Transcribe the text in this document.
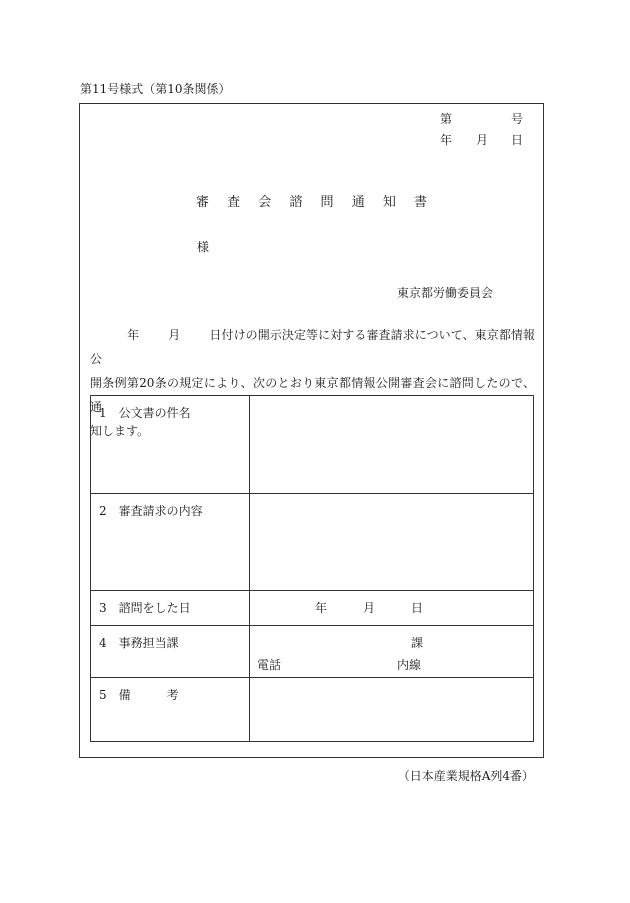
第11号様式（第10条関係）
第	号
年 月 日
審 査 会 諮 問 通 知 書
様
東京都労働委員会

年 月 日付けの開示決定等に対する審査請求について、東京都情報公

開条例第20条の規定により、次のとおり東京都情報公開審査会に諮問したので、通

知します。

1　公文書の件名
2　審査請求の内容
3　諮問をした日	年	月	日
4　事務担当課	課
電話	内線
5　備　　　考
（日本産業規格A列4番）
